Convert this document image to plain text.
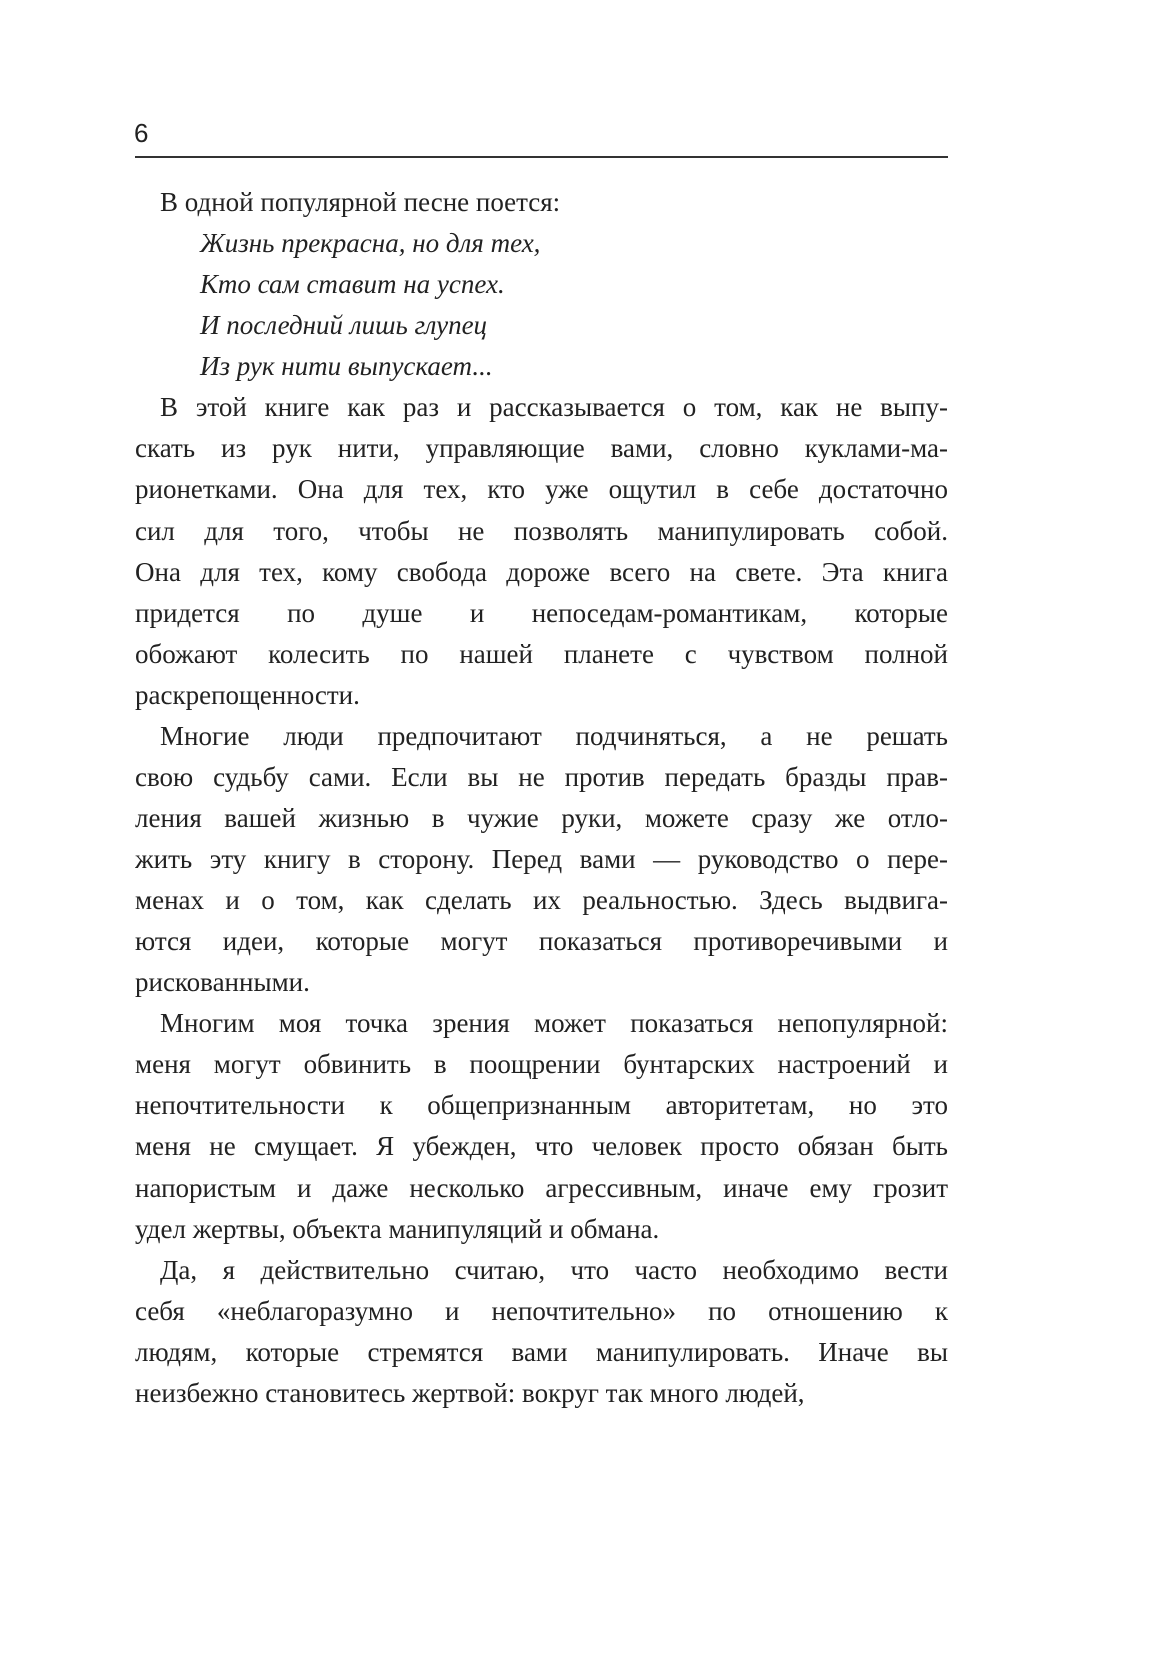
6
В одной популярной песне поется:
Жизнь прекрасна, но для тех,
Кто сам ставит на успех.
И последний лишь глупец
Из рук нити выпускает...
В этой книге как раз и рассказывается о том, как не выпу-
скать из рук нити, управляющие вами, словно куклами-ма-
рионетками. Она для тех, кто уже ощутил в себе достаточно
сил для того, чтобы не позволять манипулировать собой.
Она для тех, кому свобода дороже всего на свете. Эта книга
придется по душе и непоседам-романтикам, которые
обожают колесить по нашей планете с чувством полной
раскрепощенности.
Многие люди предпочитают подчиняться, а не решать
свою судьбу сами. Если вы не против передать бразды прав-
ления вашей жизнью в чужие руки, можете сразу же отло-
жить эту книгу в сторону. Перед вами — руководство о пере-
менах и о том, как сделать их реальностью. Здесь выдвига-
ются идеи, которые могут показаться противоречивыми и
рискованными.
Многим моя точка зрения может показаться непопулярной:
меня могут обвинить в поощрении бунтарских настроений и
непочтительности к общепризнанным авторитетам, но это
меня не смущает. Я убежден, что человек просто обязан быть
напористым и даже несколько агрессивным, иначе ему грозит
удел жертвы, объекта манипуляций и обмана.
Да, я действительно считаю, что часто необходимо вести
себя «неблагоразумно и непочтительно» по отношению к
людям, которые стремятся вами манипулировать. Иначе вы
неизбежно становитесь жертвой: вокруг так много людей,
